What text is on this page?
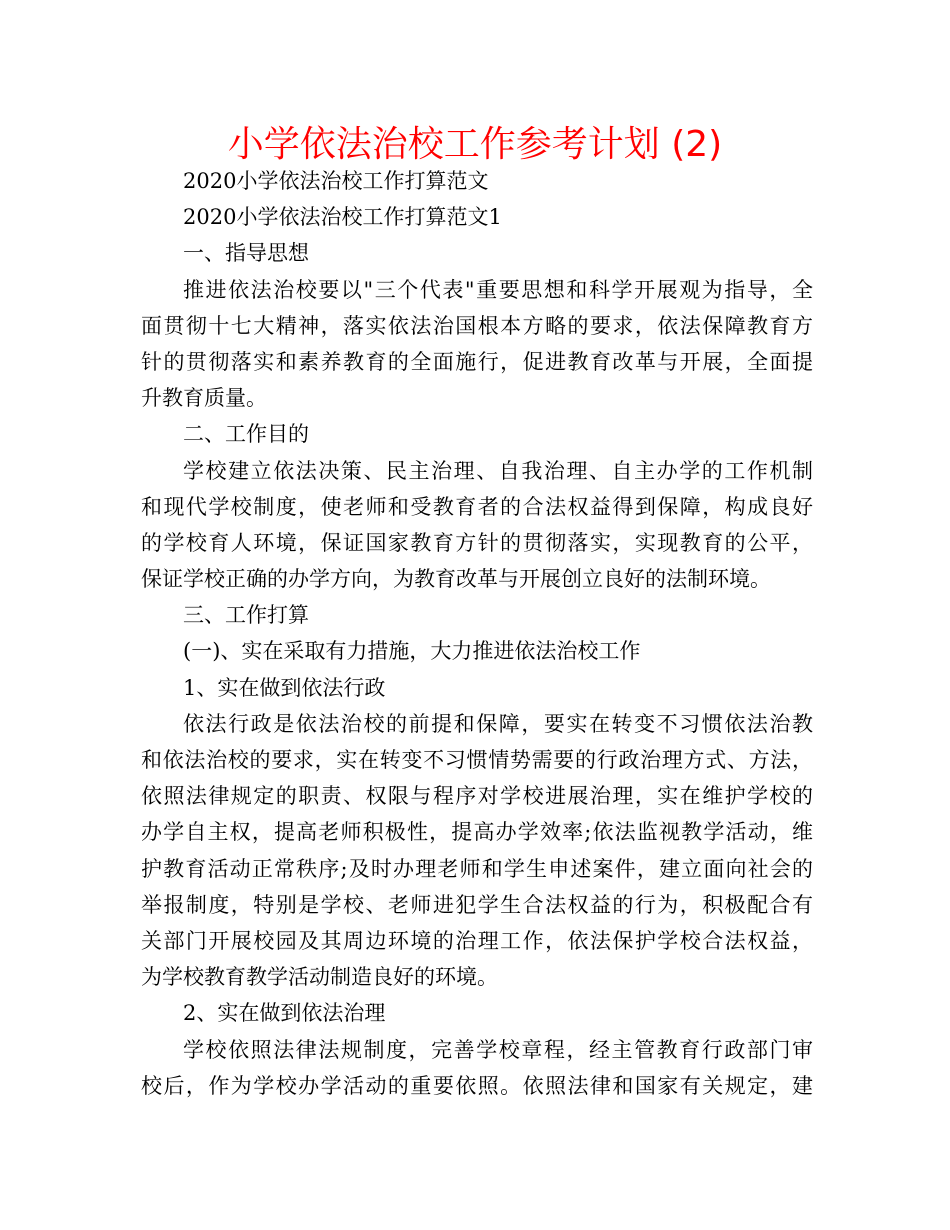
小学依法治校工作参考计划 (2)
2020小学依法治校工作打算范文
2020小学依法治校工作打算范文1
一、指导思想
推进依法治校要以"三个代表"重要思想和科学开展观为指导，全
面贯彻十七大精神，落实依法治国根本方略的要求，依法保障教育方
针的贯彻落实和素养教育的全面施行，促进教育改革与开展，全面提
升教育质量。
二、工作目的
学校建立依法决策、民主治理、自我治理、自主办学的工作机制
和现代学校制度，使老师和受教育者的合法权益得到保障，构成良好
的学校育人环境，保证国家教育方针的贯彻落实，实现教育的公平，
保证学校正确的办学方向，为教育改革与开展创立良好的法制环境。
三、工作打算
(一)、实在采取有力措施，大力推进依法治校工作
1、实在做到依法行政
依法行政是依法治校的前提和保障，要实在转变不习惯依法治教
和依法治校的要求，实在转变不习惯情势需要的行政治理方式、方法，
依照法律规定的职责、权限与程序对学校进展治理，实在维护学校的
办学自主权，提高老师积极性，提高办学效率;依法监视教学活动，维
护教育活动正常秩序;及时办理老师和学生申述案件，建立面向社会的
举报制度，特别是学校、老师进犯学生合法权益的行为，积极配合有
关部门开展校园及其周边环境的治理工作，依法保护学校合法权益，
为学校教育教学活动制造良好的环境。
2、实在做到依法治理
学校依照法律法规制度，完善学校章程，经主管教育行政部门审
校后，作为学校办学活动的重要依照。依照法律和国家有关规定，建
